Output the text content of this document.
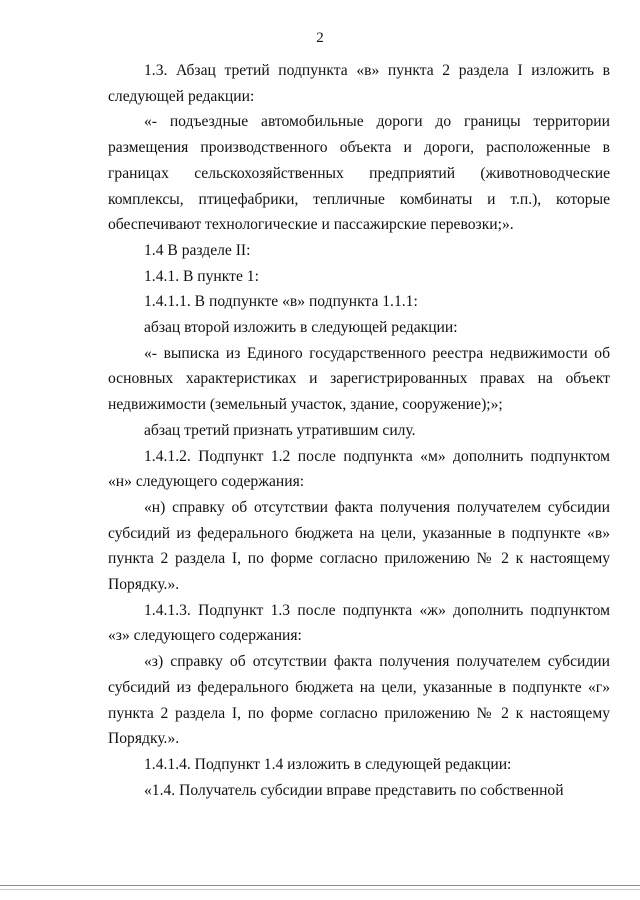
2

1.3. Абзац третий подпункта «в» пункта 2 раздела I изложить в следующей редакции:

«- подъездные автомобильные дороги до границы территории размещения производственного объекта и дороги, расположенные в границах сельскохозяйственных предприятий (животноводческие комплексы, птицефабрики, тепличные комбинаты и т.п.), которые обеспечивают технологические и пассажирские перевозки;».

1.4 В разделе II:

1.4.1. В пункте 1:

1.4.1.1. В подпункте «в» подпункта 1.1.1:

абзац второй изложить в следующей редакции:

«- выписка из Единого государственного реестра недвижимости об основных характеристиках и зарегистрированных правах на объект недвижимости (земельный участок, здание, сооружение);»;

абзац третий признать утратившим силу.

1.4.1.2. Подпункт 1.2 после подпункта «м» дополнить подпунктом «н» следующего содержания:

«н) справку об отсутствии факта получения получателем субсидии субсидий из федерального бюджета на цели, указанные в подпункте «в» пункта 2 раздела I, по форме согласно приложению № 2 к настоящему Порядку.».

1.4.1.3. Подпункт 1.3 после подпункта «ж» дополнить подпунктом «з» следующего содержания:

«з) справку об отсутствии факта получения получателем субсидии субсидий из федерального бюджета на цели, указанные в подпункте «г» пункта 2 раздела I, по форме согласно приложению № 2 к настоящему Порядку.».

1.4.1.4. Подпункт 1.4 изложить в следующей редакции:

«1.4. Получатель субсидии вправе представить по собственной
